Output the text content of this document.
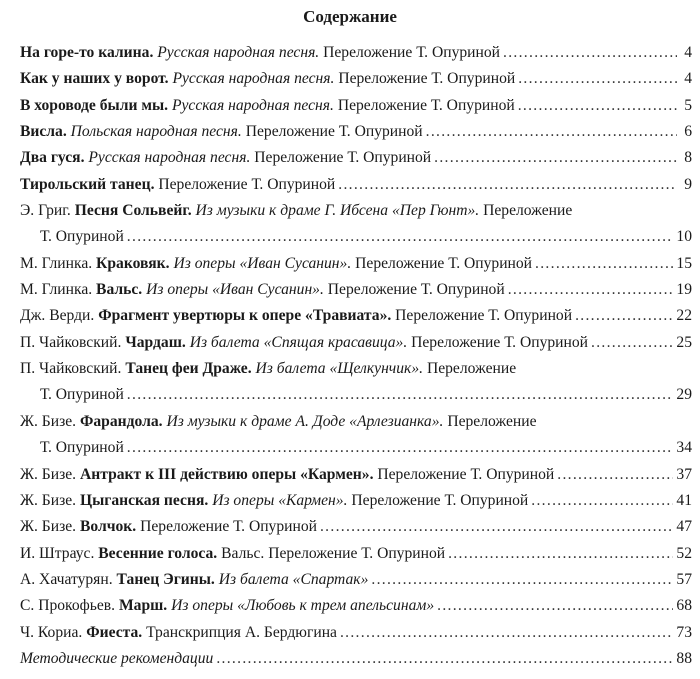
Содержание
На горе-то калина. Русская народная песня. Переложение Т. Опуриной . . .	4
Как у наших у ворот. Русская народная песня. Переложение Т. Опуриной . . .	4
В хороводе были мы. Русская народная песня. Переложение Т. Опуриной . . .	5
Висла. Польская народная песня. Переложение Т. Опуриной . . .	6
Два гуся. Русская народная песня. Переложение Т. Опуриной . . .	8
Тирольский танец. Переложение Т. Опуриной . . .	9
Э. Григ. Песня Сольвейг. Из музыки к драме Г. Ибсена «Пер Гюнт». Переложение
Т. Опуриной . . .	10
М. Глинка. Краковяк. Из оперы «Иван Сусанин». Переложение Т. Опуриной . . .	15
М. Глинка. Вальс. Из оперы «Иван Сусанин». Переложение Т. Опуриной . . .	19
Дж. Верди. Фрагмент увертюры к опере «Травиата». Переложение Т. Опуриной . . .	22
П. Чайковский. Чардаш. Из балета «Спящая красавица». Переложение Т. Опуриной . . .	25
П. Чайковский. Танец феи Драже. Из балета «Щелкунчик». Переложение
Т. Опуриной . . .	29
Ж. Бизе. Фарандола. Из музыки к драме А. Доде «Арлезианка». Переложение
Т. Опуриной . . .	34
Ж. Бизе. Антракт к III действию оперы «Кармен». Переложение Т. Опуриной . . .	37
Ж. Бизе. Цыганская песня. Из оперы «Кармен». Переложение Т. Опуриной . . .	41
Ж. Бизе. Волчок. Переложение Т. Опуриной . . .	47
И. Штраус. Весенние голоса. Вальс. Переложение Т. Опуриной . . .	52
А. Хачатурян. Танец Эгины. Из балета «Спартак» . . .	57
С. Прокофьев. Марш. Из оперы «Любовь к трем апельсинам» . . .	68
Ч. Кориа. Фиеста. Транскрипция А. Бердюгина . . .	73
Методические рекомендации . . .	88
